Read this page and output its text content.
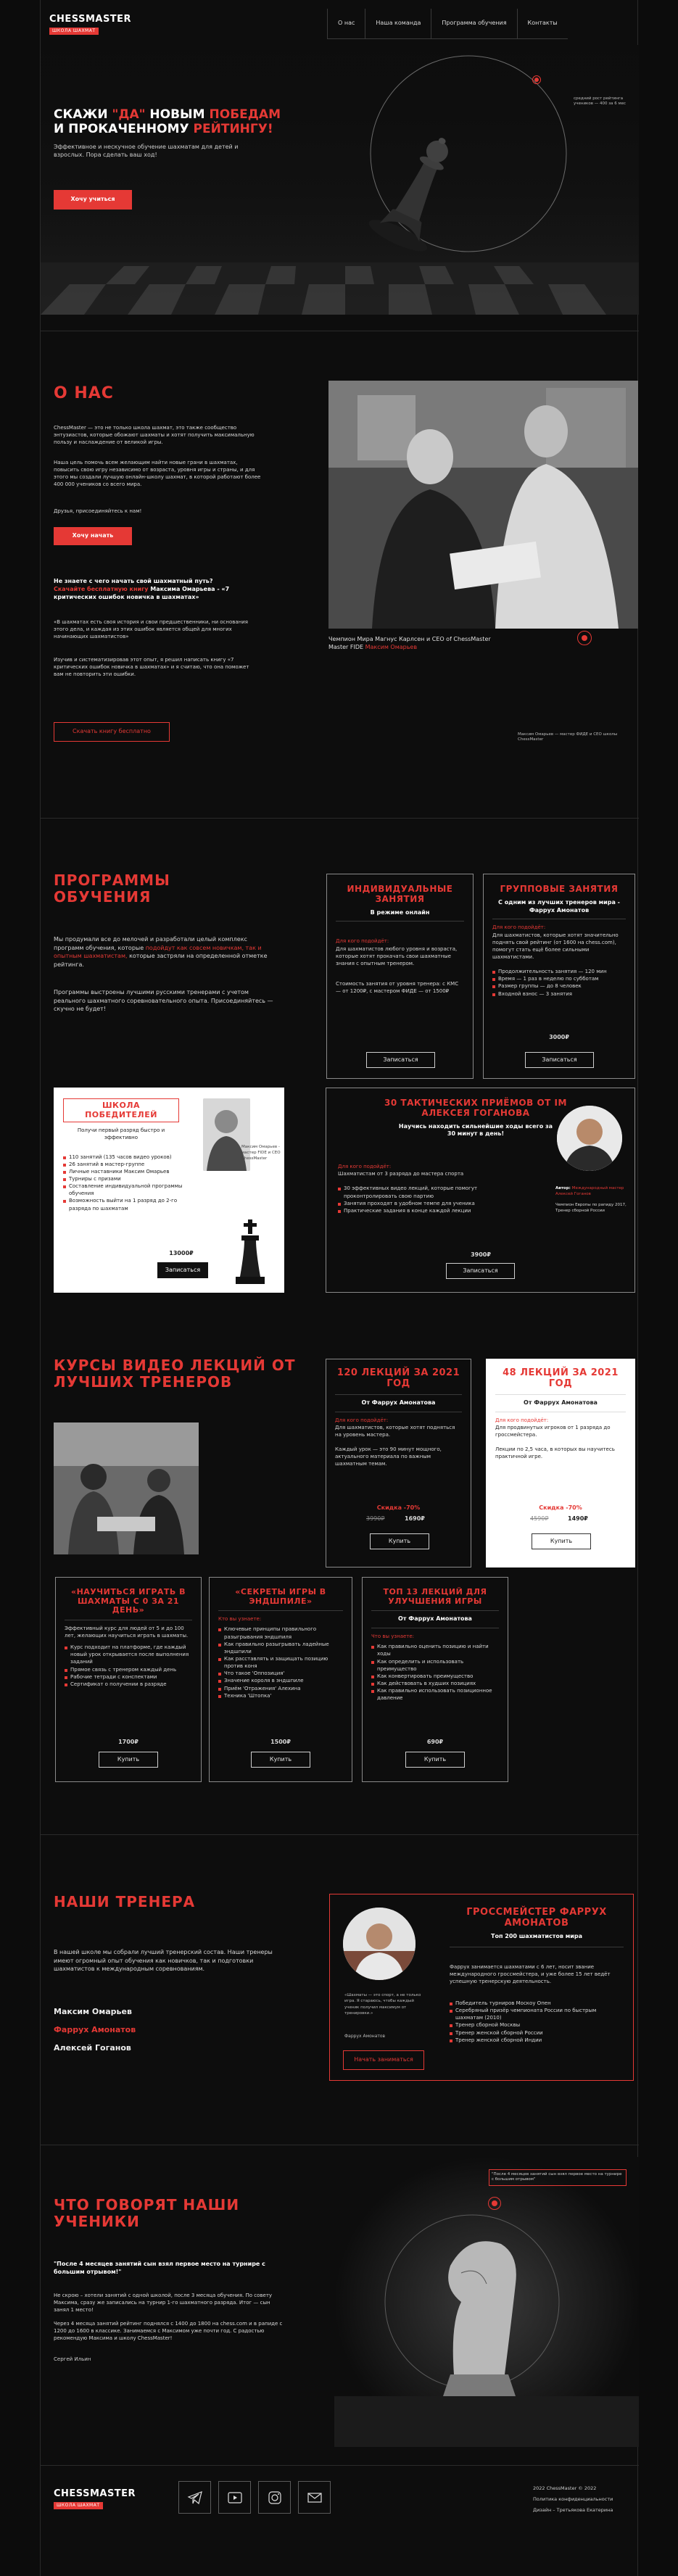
CHESSMASTER
ШКОЛА ШАХМАТ
О нас	Наша команда	Программа обучения	Контакты
СКАЖИ "ДА" НОВЫМ ПОБЕДАМ
И ПРОКАЧЕННОМУ РЕЙТИНГУ!
Эффективное и нескучное обучение шахматам для детей и взрослых. Пора сделать ваш ход!
Хочу учиться
средний рост рейтинга учеников — 400 за 6 мес
О НАС
ChessMaster — это не только школа шахмат, это также сообщество энтузиастов, которые обожают шахматы и хотят получить максимальную пользу и наслаждение от великой игры.
Наша цель помочь всем желающим найти новые грани в шахматах, повысить свою игру независимо от возраста, уровня игры и страны, и для этого мы создали лучшую онлайн-школу шахмат, в которой работают более 400 000 учеников со всего мира.
Друзья, присоединяйтесь к нам!
Хочу начать
Не знаете с чего начать свой шахматный путь?
Скачайте бесплатную книгу Максима Омарьева - «7 критических ошибок новичка в шахматах»
«В шахматах есть своя история и свои предшественники, ни основания этого дела, и каждая из этих ошибок является общей для многих начинающих шахматистов»
Изучив и систематизировав этот опыт, я решил написать книгу «7 критических ошибок новичка в шахматах» и я считаю, что она поможет вам не повторить эти ошибки.
Скачать книгу бесплатно
Чемпион Мира Магнус Карлсен и CEO of ChessMaster Master FIDE Максим Омарьев
Максим Омарьев — мастер ФИДЕ и CEO школы ChessMaster
ПРОГРАММЫ ОБУЧЕНИЯ
Мы продумали все до мелочей и разработали целый комплекс программ обучения, которые подойдут как совсем новичкам, так и опытным шахматистам, которые застряли на определенной отметке рейтинга.
Программы выстроены лучшими русскими тренерами с учетом реального шахматного соревновательного опыта. Присоединяйтесь — скучно не будет!
ИНДИВИДУАЛЬНЫЕ ЗАНЯТИЯ
В режиме онлайн
Для кого подойдёт:
Для шахматистов любого уровня и возраста, которые хотят прокачать свои шахматные знания с опытным тренером.
Стоимость занятия от уровня тренера: с КМС — от 1200₽, с мастером ФИДЕ — от 1500₽
Записаться
ГРУППОВЫЕ ЗАНЯТИЯ
С одним из лучших тренеров мира - Фаррух Амонатов
Для кого подойдёт:
Для шахматистов, которые хотят значительно поднять свой рейтинг (от 1600 на chess.com), помогут стать ещё более сильными шахматистами.
Продолжительность занятия — 120 мин
Время — 1 раз в неделю по субботам
Размер группы — до 8 человек
Входной взнос — 3 занятия
3000₽
Записаться
ШКОЛА ПОБЕДИТЕЛЕЙ
Получи первый разряд быстро и эффективно
110 занятий (135 часов видео уроков)
26 занятий в мастер-группе
Личные наставники Максим Омарьев
Турниры с призами
Составление индивидуальной программы обучения
Возможность выйти на 1 разряд до 2-го разряда по шахматам
Максим Омарьев - мастер FIDE и CEO ChessMaster
13000₽
Записаться
30 ТАКТИЧЕСКИХ ПРИЁМОВ ОТ IM АЛЕКСЕЯ ГОГАНОВА
Научись находить сильнейшие ходы всего за 30 минут в день!
Для кого подойдёт:
Шахматистам от 3 разряда до мастера спорта
30 эффективных видео лекций, которые помогут проконтролировать свою партию
Занятия проходят в удобном темпе для ученика
Практические задания в конце каждой лекции
Автор: Международный мастер Алексей Гоганов
Чемпион Европы по рапиду 2017, Тренер сборной России
3900₽
Записаться
КУРСЫ ВИДЕО ЛЕКЦИЙ ОТ ЛУЧШИХ ТРЕНЕРОВ
120 ЛЕКЦИЙ ЗА 2021 ГОД
От Фаррух Амонатова
Для кого подойдёт:
Для шахматистов, которые хотят подняться на уровень мастера.
Каждый урок — это 90 минут мощного, актуального материала по важным шахматным темам.
Скидка -70%
3990₽	1690₽
Купить
48 ЛЕКЦИЙ ЗА 2021 ГОД
От Фаррух Амонатова
Для кого подойдёт:
Для продвинутых игроков от 1 разряда до гроссмейстера.
Лекции по 2,5 часа, в которых вы научитесь практичной игре.
Скидка -70%
4590₽	1490₽
Купить
«НАУЧИТЬСЯ ИГРАТЬ В ШАХМАТЫ С 0 ЗА 21 ДЕНЬ»
Эффективный курс для людей от 5 и до 100 лет, желающих научиться играть в шахматы.
Курс подходит на платформе, где каждый новый урок открывается после выполнения заданий
Прямое связь с тренером каждый день
Рабочие тетради с конспектами
Сертификат о получении в разряде
1700₽
Купить
«СЕКРЕТЫ ИГРЫ В ЭНДШПИЛЕ»
Кто вы узнаете:
Ключевые принципы правильного разыгрывания эндшпиля
Как правильно разыгрывать ладейные эндшпили
Как расставлять и защищать позицию против коня
Что такое 'Оппозиция'
Значение короля в эндшпиле
Приём 'Отражения' Алехина
Техника 'Штопка'
1500₽
Купить
ТОП 13 ЛЕКЦИЙ ДЛЯ УЛУЧШЕНИЯ ИГРЫ
От Фаррух Амонатова
Что вы узнаете:
Как правильно оценить позицию и найти ходы
Как определить и использовать преимущество
Как конвертировать преимущество
Как действовать в худших позициях
Как правильно использовать позиционное давление
690₽
Купить
НАШИ ТРЕНЕРА
В нашей школе мы собрали лучший тренерский состав. Наши тренеры имеют огромный опыт обучения как новичков, так и подготовки шахматистов к международным соревнованиям.
Максим Омарьев
Фаррух Амонатов
Алексей Гоганов
«Шахматы — это спорт, а не только игра. Я стараюсь, чтобы каждый ученик получил максимум от тренировки.»
Фаррух Амонатов
Начать заниматься
ГРОССМЕЙСТЕР ФАРРУХ АМОНАТОВ
Топ 200 шахматистов мира
Фаррух занимается шахматами с 6 лет, носит звание международного гроссмейстера, и уже более 15 лет ведёт успешную тренерскую деятельность.
Победитель турниров Москоу Опен
Серебряный призёр чемпионата России по быстрым шахматам (2010)
Тренер сборной Москвы
Тренер женской сборной России
Тренер женской сборной Индии
ЧТО ГОВОРЯТ НАШИ УЧЕНИКИ
"После 4 месяцев занятий сын взял первое место на турнире с большим отрывом!"
Не скрою – хотели занятий с одной школой, после 3 месяца обучения. По совету Максима, сразу же записались на турнир 1-го шахматного разряда. Итог — сын занял 1 место!
Через 4 месяца занятий рейтинг поднялся с 1400 до 1800 на chess.com и в рапиде с 1200 до 1600 в классике. Занимаемся с Максимом уже почти год. С радостью рекомендую Максима и школу ChessMaster!
Сергей Ильин
"После 4 месяцев занятий сын взял первое место на турнире с большим отрывом"
CHESSMASTER
ШКОЛА ШАХМАТ
2022 ChessMaster © 2022
Политика конфиденциальности
Дизайн – Третьякова Екатерина
